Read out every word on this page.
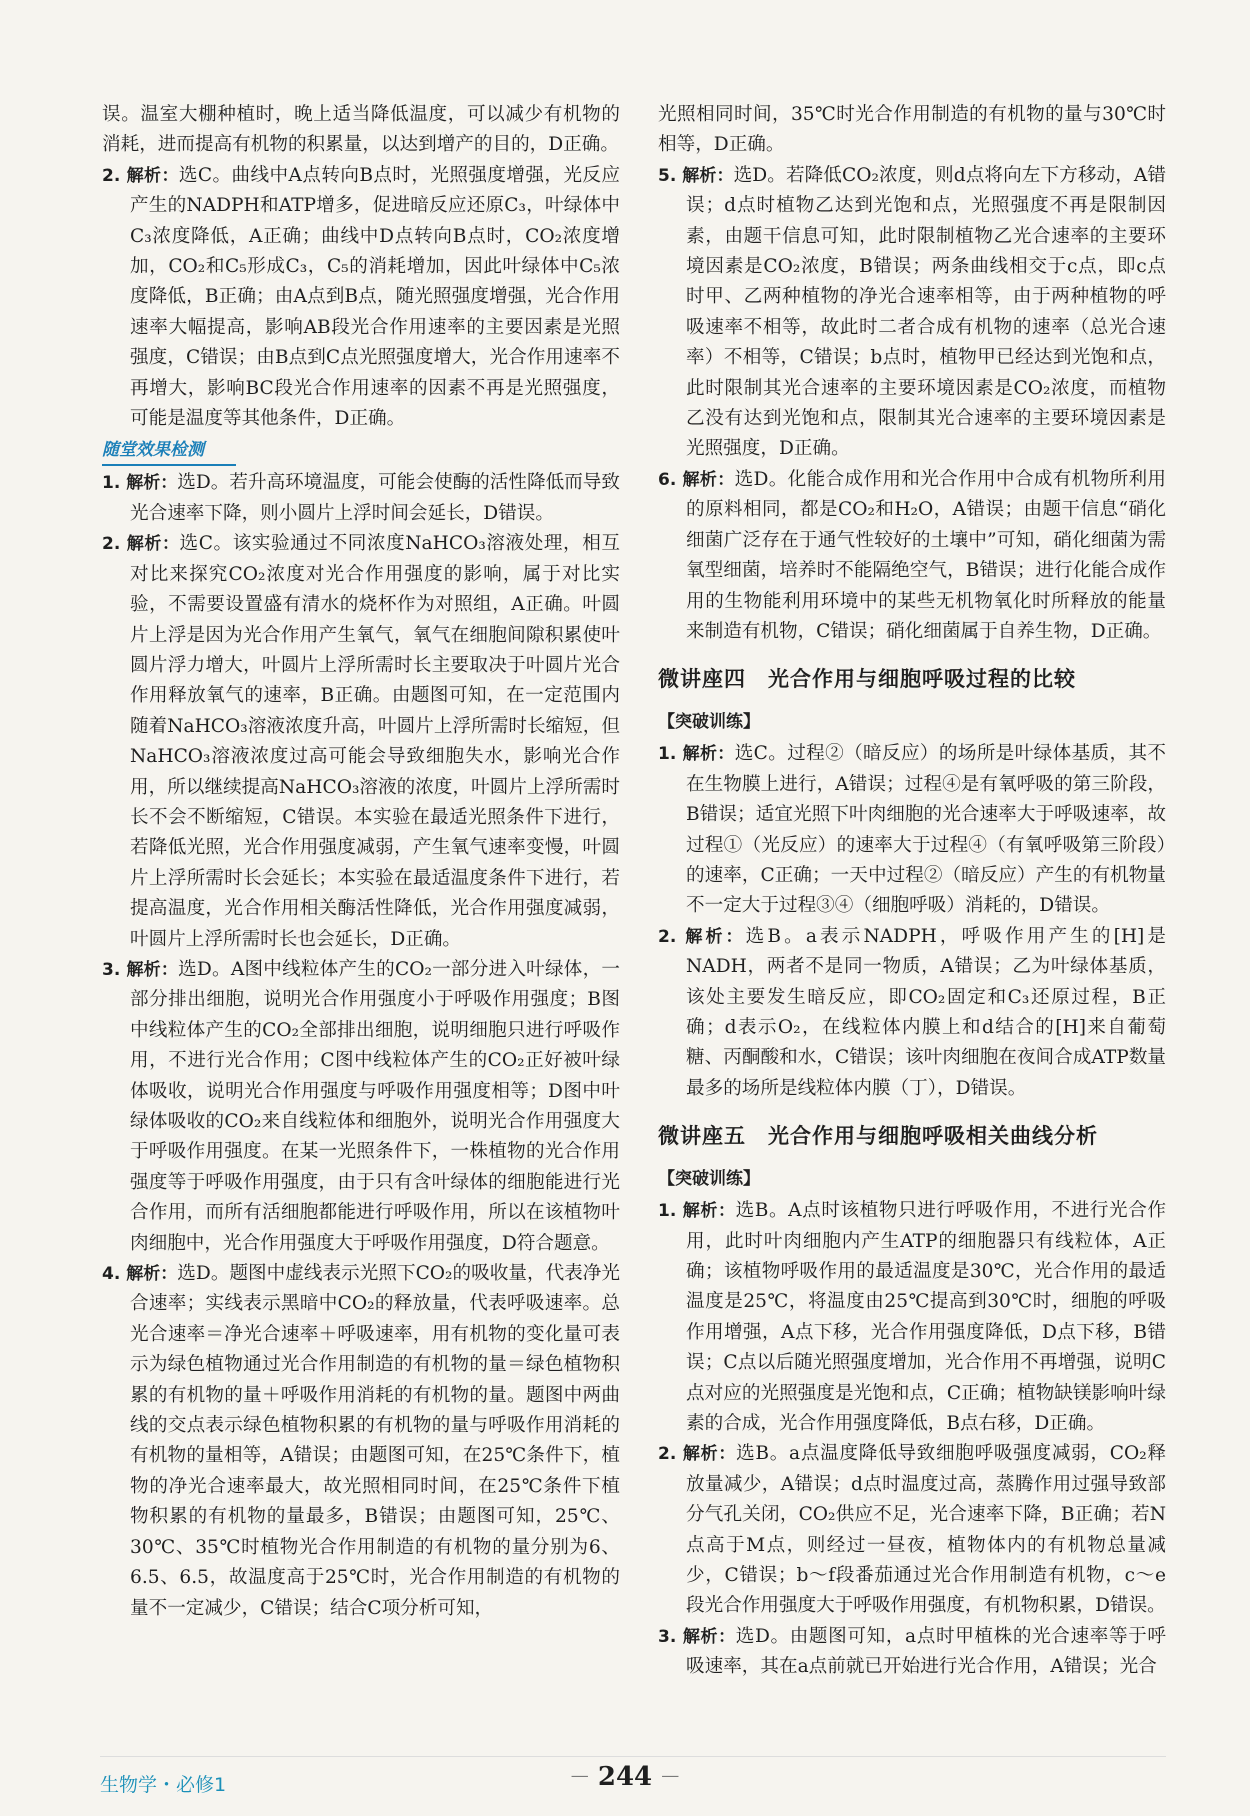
误。温室大棚种植时，晚上适当降低温度，可以减少有机物的消耗，进而提高有机物的积累量，以达到增产的目的，D正确。

2. 解析：选C。曲线中A点转向B点时，光照强度增强，光反应产生的NADPH和ATP增多，促进暗反应还原C₃，叶绿体中C₃浓度降低，A正确；曲线中D点转向B点时，CO₂浓度增加，CO₂和C₅形成C₃，C₅的消耗增加，因此叶绿体中C₅浓度降低，B正确；由A点到B点，随光照强度增强，光合作用速率大幅提高，影响AB段光合作用速率的主要因素是光照强度，C错误；由B点到C点光照强度增大，光合作用速率不再增大，影响BC段光合作用速率的因素不再是光照强度，可能是温度等其他条件，D正确。

随堂效果检测

1. 解析：选D。若升高环境温度，可能会使酶的活性降低而导致光合速率下降，则小圆片上浮时间会延长，D错误。

2. 解析：选C。该实验通过不同浓度NaHCO₃溶液处理，相互对比来探究CO₂浓度对光合作用强度的影响，属于对比实验，不需要设置盛有清水的烧杯作为对照组，A正确。叶圆片上浮是因为光合作用产生氧气，氧气在细胞间隙积累使叶圆片浮力增大，叶圆片上浮所需时长主要取决于叶圆片光合作用释放氧气的速率，B正确。由题图可知，在一定范围内随着NaHCO₃溶液浓度升高，叶圆片上浮所需时长缩短，但NaHCO₃溶液浓度过高可能会导致细胞失水，影响光合作用，所以继续提高NaHCO₃溶液的浓度，叶圆片上浮所需时长不会不断缩短，C错误。本实验在最适光照条件下进行，若降低光照，光合作用强度减弱，产生氧气速率变慢，叶圆片上浮所需时长会延长；本实验在最适温度条件下进行，若提高温度，光合作用相关酶活性降低，光合作用强度减弱，叶圆片上浮所需时长也会延长，D正确。

3. 解析：选D。A图中线粒体产生的CO₂一部分进入叶绿体，一部分排出细胞，说明光合作用强度小于呼吸作用强度；B图中线粒体产生的CO₂全部排出细胞，说明细胞只进行呼吸作用，不进行光合作用；C图中线粒体产生的CO₂正好被叶绿体吸收，说明光合作用强度与呼吸作用强度相等；D图中叶绿体吸收的CO₂来自线粒体和细胞外，说明光合作用强度大于呼吸作用强度。在某一光照条件下，一株植物的光合作用强度等于呼吸作用强度，由于只有含叶绿体的细胞能进行光合作用，而所有活细胞都能进行呼吸作用，所以在该植物叶肉细胞中，光合作用强度大于呼吸作用强度，D符合题意。

4. 解析：选D。题图中虚线表示光照下CO₂的吸收量，代表净光合速率；实线表示黑暗中CO₂的释放量，代表呼吸速率。总光合速率＝净光合速率＋呼吸速率，用有机物的变化量可表示为绿色植物通过光合作用制造的有机物的量＝绿色植物积累的有机物的量＋呼吸作用消耗的有机物的量。题图中两曲线的交点表示绿色植物积累的有机物的量与呼吸作用消耗的有机物的量相等，A错误；由题图可知，在25℃条件下，植物的净光合速率最大，故光照相同时间，在25℃条件下植物积累的有机物的量最多，B错误；由题图可知，25℃、30℃、35℃时植物光合作用制造的有机物的量分别为6、6.5、6.5，故温度高于25℃时，光合作用制造的有机物的量不一定减少，C错误；结合C项分析可知，

光照相同时间，35℃时光合作用制造的有机物的量与30℃时相等，D正确。

5. 解析：选D。若降低CO₂浓度，则d点将向左下方移动，A错误；d点时植物乙达到光饱和点，光照强度不再是限制因素，由题干信息可知，此时限制植物乙光合速率的主要环境因素是CO₂浓度，B错误；两条曲线相交于c点，即c点时甲、乙两种植物的净光合速率相等，由于两种植物的呼吸速率不相等，故此时二者合成有机物的速率（总光合速率）不相等，C错误；b点时，植物甲已经达到光饱和点，此时限制其光合速率的主要环境因素是CO₂浓度，而植物乙没有达到光饱和点，限制其光合速率的主要环境因素是光照强度，D正确。

6. 解析：选D。化能合成作用和光合作用中合成有机物所利用的原料相同，都是CO₂和H₂O，A错误；由题干信息“硝化细菌广泛存在于通气性较好的土壤中”可知，硝化细菌为需氧型细菌，培养时不能隔绝空气，B错误；进行化能合成作用的生物能利用环境中的某些无机物氧化时所释放的能量来制造有机物，C错误；硝化细菌属于自养生物，D正确。

微讲座四　光合作用与细胞呼吸过程的比较
【突破训练】

1. 解析：选C。过程②（暗反应）的场所是叶绿体基质，其不在生物膜上进行，A错误；过程④是有氧呼吸的第三阶段，B错误；适宜光照下叶肉细胞的光合速率大于呼吸速率，故过程①（光反应）的速率大于过程④（有氧呼吸第三阶段）的速率，C正确；一天中过程②（暗反应）产生的有机物量不一定大于过程③④（细胞呼吸）消耗的，D错误。

2. 解析：选B。a表示NADPH，呼吸作用产生的[H]是NADH，两者不是同一物质，A错误；乙为叶绿体基质，该处主要发生暗反应，即CO₂固定和C₃还原过程，B正确；d表示O₂，在线粒体内膜上和d结合的[H]来自葡萄糖、丙酮酸和水，C错误；该叶肉细胞在夜间合成ATP数量最多的场所是线粒体内膜（丁），D错误。

微讲座五　光合作用与细胞呼吸相关曲线分析
【突破训练】

1. 解析：选B。A点时该植物只进行呼吸作用，不进行光合作用，此时叶肉细胞内产生ATP的细胞器只有线粒体，A正确；该植物呼吸作用的最适温度是30℃，光合作用的最适温度是25℃，将温度由25℃提高到30℃时，细胞的呼吸作用增强，A点下移，光合作用强度降低，D点下移，B错误；C点以后随光照强度增加，光合作用不再增强，说明C点对应的光照强度是光饱和点，C正确；植物缺镁影响叶绿素的合成，光合作用强度降低，B点右移，D正确。

2. 解析：选B。a点温度降低导致细胞呼吸强度减弱，CO₂释放量减少，A错误；d点时温度过高，蒸腾作用过强导致部分气孔关闭，CO₂供应不足，光合速率下降，B正确；若N点高于M点，则经过一昼夜，植物体内的有机物总量减少，C错误；b～f段番茄通过光合作用制造有机物，c～e段光合作用强度大于呼吸作用强度，有机物积累，D错误。

3. 解析：选D。由题图可知，a点时甲植株的光合速率等于呼吸速率，其在a点前就已开始进行光合作用，A错误；光合

生物学・必修1	— 244 —
